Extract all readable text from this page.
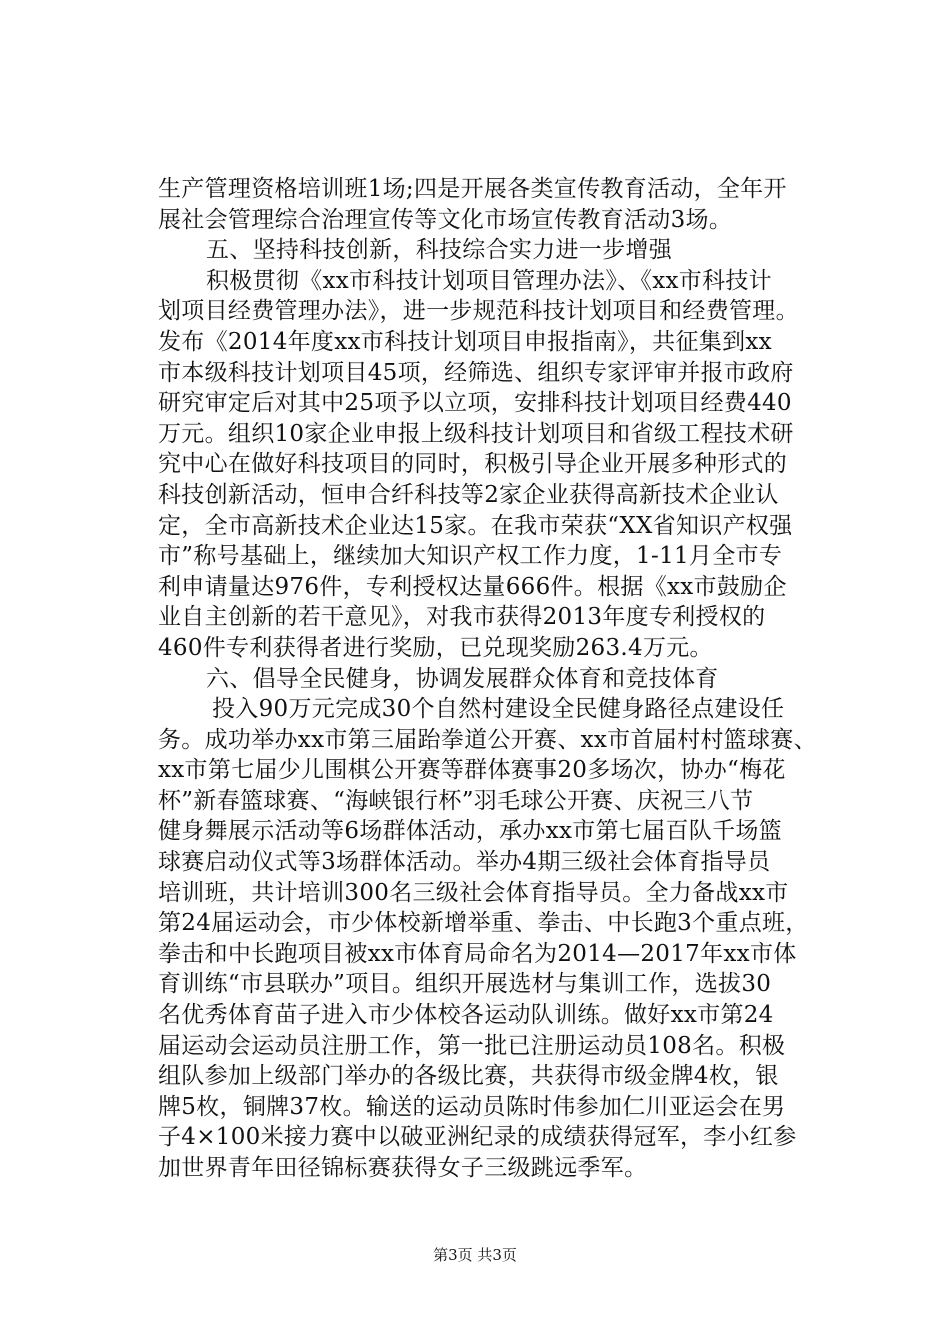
生产管理资格培训班1场;四是开展各类宣传教育活动，全年开
展社会管理综合治理宣传等文化市场宣传教育活动3场。
五、坚持科技创新，科技综合实力进一步增强
积极贯彻《xx市科技计划项目管理办法》、《xx市科技计
划项目经费管理办法》，进一步规范科技计划项目和经费管理。
发布《2014年度xx市科技计划项目申报指南》，共征集到xx
市本级科技计划项目45项，经筛选、组织专家评审并报市政府
研究审定后对其中25项予以立项，安排科技计划项目经费440
万元。组织10家企业申报上级科技计划项目和省级工程技术研
究中心在做好科技项目的同时，积极引导企业开展多种形式的
科技创新活动，恒申合纤科技等2家企业获得高新技术企业认
定，全市高新技术企业达15家。在我市荣获“XX省知识产权强
市”称号基础上，继续加大知识产权工作力度，1-11月全市专
利申请量达976件，专利授权达量666件。根据《xx市鼓励企
业自主创新的若干意见》，对我市获得2013年度专利授权的
460件专利获得者进行奖励，已兑现奖励263.4万元。
六、倡导全民健身，协调发展群众体育和竞技体育
投入90万元完成30个自然村建设全民健身路径点建设任
务。成功举办xx市第三届跆拳道公开赛、xx市首届村村篮球赛、
xx市第七届少儿围棋公开赛等群体赛事20多场次，协办“梅花
杯”新春篮球赛、“海峡银行杯”羽毛球公开赛、庆祝三八节
健身舞展示活动等6场群体活动，承办xx市第七届百队千场篮
球赛启动仪式等3场群体活动。举办4期三级社会体育指导员
培训班，共计培训300名三级社会体育指导员。全力备战xx市
第24届运动会，市少体校新增举重、拳击、中长跑3个重点班，
拳击和中长跑项目被xx市体育局命名为2014—2017年xx市体
育训练“市县联办”项目。组织开展选材与集训工作，选拔30
名优秀体育苗子进入市少体校各运动队训练。做好xx市第24
届运动会运动员注册工作，第一批已注册运动员108名。积极
组队参加上级部门举办的各级比赛，共获得市级金牌4枚，银
牌5枚，铜牌37枚。输送的运动员陈时伟参加仁川亚运会在男
子4×100米接力赛中以破亚洲纪录的成绩获得冠军，李小红参
加世界青年田径锦标赛获得女子三级跳远季军。
第3页 共3页
